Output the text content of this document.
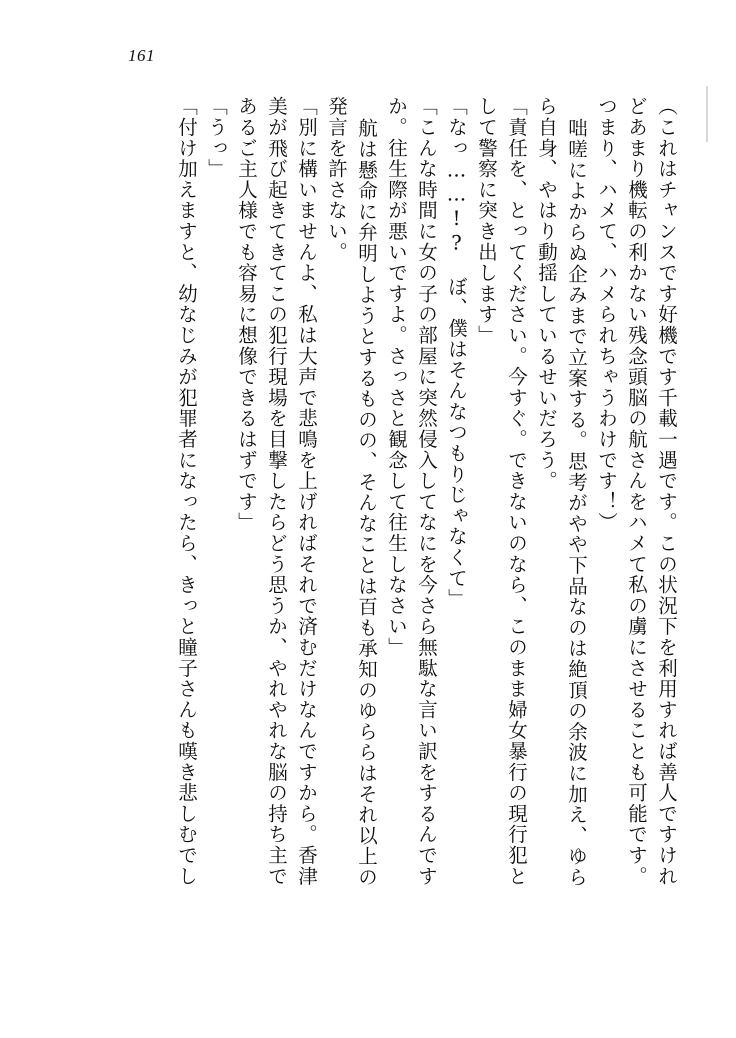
161
（これはチャンスです好機です千載一遇です。この状況下を利用すれば善人ですけれ
どあまり機転の利かない残念頭脳の航さんをハメて私の虜にさせることも可能です。
つまり、ハメて、ハメられちゃうわけです！）
咄嗟によからぬ企みまで立案する。思考がやや下品なのは絶頂の余波に加え、ゆら
ら自身、やはり動揺しているせいだろう。
「責任を、とってください。今すぐ。できないのなら、このまま婦女暴行の現行犯と
して警察に突き出します」
「なっ……!?　ぼ、僕はそんなつもりじゃなくて」
「こんな時間に女の子の部屋に突然侵入してなにを今さら無駄な言い訳をするんです
か。往生際が悪いですよ。さっさと観念して往生しなさい」
航は懸命に弁明しようとするものの、そんなことは百も承知のゆららはそれ以上の
発言を許さない。
「別に構いませんよ、私は大声で悲鳴を上げればそれで済むだけなんですから。香津
美が飛び起きてきてこの犯行現場を目撃したらどう思うか、やれやれな脳の持ち主で
あるご主人様でも容易に想像できるはずです」
「うっ」
「付け加えますと、幼なじみが犯罪者になったら、きっと瞳子さんも嘆き悲しむでし
